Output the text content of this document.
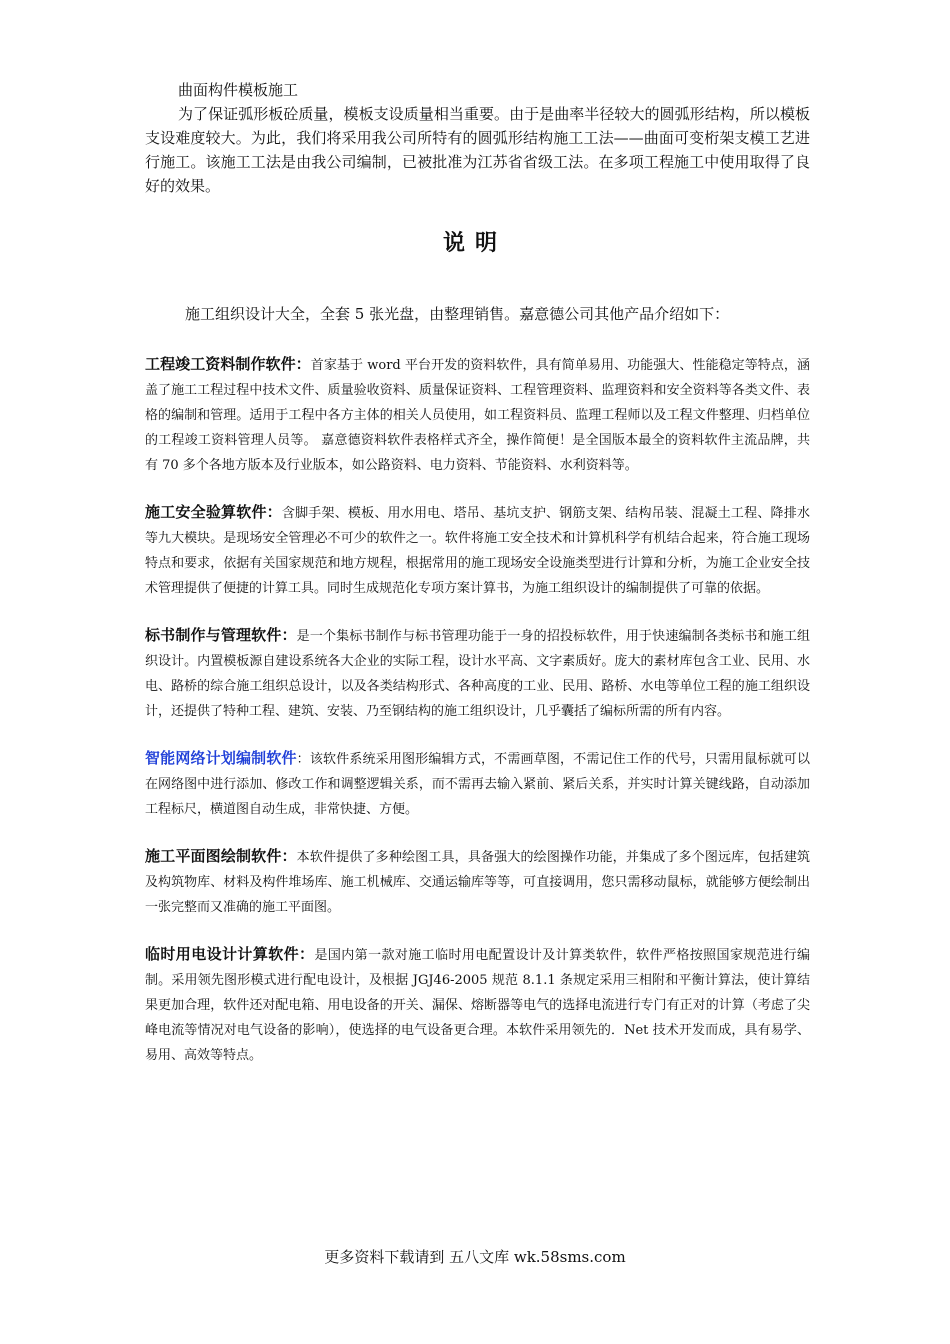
曲面构件模板施工
为了保证弧形板砼质量，模板支设质量相当重要。由于是曲率半径较大的圆弧形结构，所以模板支设难度较大。为此，我们将采用我公司所特有的圆弧形结构施工工法——曲面可变桁架支模工艺进行施工。该施工工法是由我公司编制，已被批准为江苏省省级工法。在多项工程施工中使用取得了良好的效果。
说明
施工组织设计大全，全套 5 张光盘，由整理销售。嘉意德公司其他产品介绍如下：
工程竣工资料制作软件：首家基于 word 平台开发的资料软件，具有简单易用、功能强大、性能稳定等特点，涵盖了施工工程过程中技术文件、质量验收资料、质量保证资料、工程管理资料、监理资料和安全资料等各类文件、表格的编制和管理。适用于工程中各方主体的相关人员使用，如工程资料员、监理工程师以及工程文件整理、归档单位的工程竣工资料管理人员等。 嘉意德资料软件表格样式齐全，操作简便！是全国版本最全的资料软件主流品牌，共有 70 多个各地方版本及行业版本，如公路资料、电力资料、节能资料、水利资料等。
施工安全验算软件：含脚手架、模板、用水用电、塔吊、基坑支护、钢筋支架、结构吊装、混凝土工程、降排水等九大模块。是现场安全管理必不可少的软件之一。软件将施工安全技术和计算机科学有机结合起来，符合施工现场特点和要求，依据有关国家规范和地方规程，根据常用的施工现场安全设施类型进行计算和分析，为施工企业安全技术管理提供了便捷的计算工具。同时生成规范化专项方案计算书，为施工组织设计的编制提供了可靠的依据。
标书制作与管理软件：是一个集标书制作与标书管理功能于一身的招投标软件，用于快速编制各类标书和施工组织设计。内置模板源自建设系统各大企业的实际工程，设计水平高、文字素质好。庞大的素材库包含工业、民用、水电、路桥的综合施工组织总设计，以及各类结构形式、各种高度的工业、民用、路桥、水电等单位工程的施工组织设计，还提供了特种工程、建筑、安装、乃至钢结构的施工组织设计，几乎囊括了编标所需的所有内容。
智能网络计划编制软件：该软件系统采用图形编辑方式，不需画草图，不需记住工作的代号，只需用鼠标就可以在网络图中进行添加、修改工作和调整逻辑关系，而不需再去输入紧前、紧后关系，并实时计算关键线路，自动添加工程标尺，横道图自动生成，非常快捷、方便。
施工平面图绘制软件：本软件提供了多种绘图工具，具备强大的绘图操作功能，并集成了多个图远库，包括建筑及构筑物库、材料及构件堆场库、施工机械库、交通运输库等等，可直接调用，您只需移动鼠标，就能够方便绘制出一张完整而又准确的施工平面图。
临时用电设计计算软件：是国内第一款对施工临时用电配置设计及计算类软件，软件严格按照国家规范进行编制。采用领先图形模式进行配电设计，及根据 JGJ46-2005 规范 8.1.1 条规定采用三相附和平衡计算法，使计算结果更加合理，软件还对配电箱、用电设备的开关、漏保、熔断器等电气的选择电流进行专门有正对的计算（考虑了尖峰电流等情况对电气设备的影响），使选择的电气设备更合理。本软件采用领先的．Net 技术开发而成，具有易学、易用、高效等特点。
更多资料下载请到 五八文库 wk.58sms.com
